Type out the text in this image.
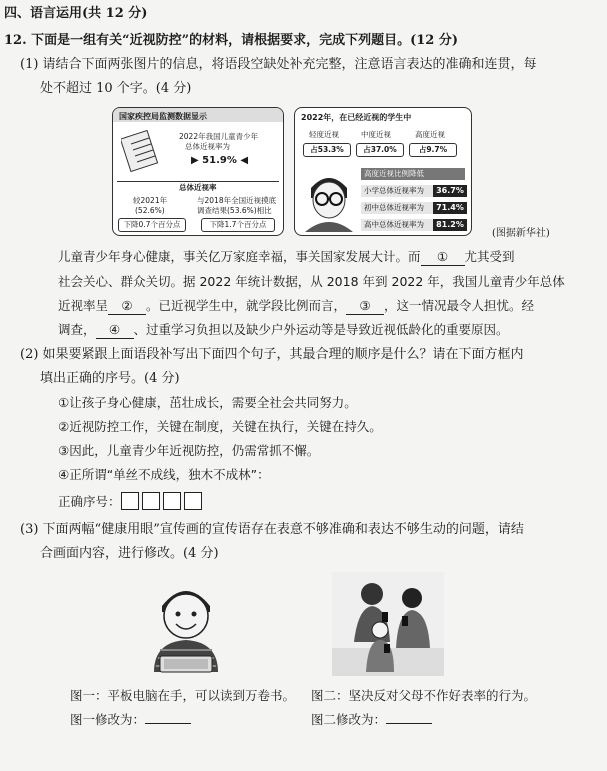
四、语言运用(共 12 分)
12. 下面是一组有关“近视防控”的材料，请根据要求，完成下列题目。(12 分)
(1) 请结合下面两张图片的信息，将语段空缺处补充完整，注意语言表达的准确和连贯，每
处不超过 10 个字。(4 分)
国家疾控局监测数据显示
2022年我国儿童青少年
总体近视率为
▶ 51.9% ◀
总体近视率
较2021年
(52.6%)
下降0.7个百分点
与2018年全国近视摸底
调查结果(53.6%)相比
下降1.7个百分点
2022年，在已经近视的学生中
轻度近视	中度近视	高度近视
占53.3%	占37.0%	占9.7%
高度近视比例降低
小学总体近视率为	36.7%
初中总体近视率为	71.4%
高中总体近视率为	81.2%
(图据新华社)
儿童青少年身心健康，事关亿万家庭幸福，事关国家发展大计。而 ① 尤其受到
社会关心、群众关切。据 2022 年统计数据，从 2018 年到 2022 年，我国儿童青少年总体
近视率呈 ② 。已近视学生中，就学段比例而言， ③ ，这一情况最令人担忧。经
调查， ④ 、过重学习负担以及缺少户外运动等是导致近视低龄化的重要原因。
(2) 如果要紧跟上面语段补写出下面四个句子，其最合理的顺序是什么？请在下面方框内
填出正确的序号。(4 分)
①让孩子身心健康，茁壮成长，需要全社会共同努力。
②近视防控工作，关键在制度，关键在执行，关键在持久。
③因此，儿童青少年近视防控，仍需常抓不懈。
④正所谓“单丝不成线，独木不成林”：
正确序号：
(3) 下面两幅“健康用眼”宣传画的宣传语存在表意不够准确和表达不够生动的问题，请结
合画面内容，进行修改。(4 分)
图一：平板电脑在手，可以读到万卷书。 图二：坚决反对父母不作好表率的行为。
图一修改为：	图二修改为：
